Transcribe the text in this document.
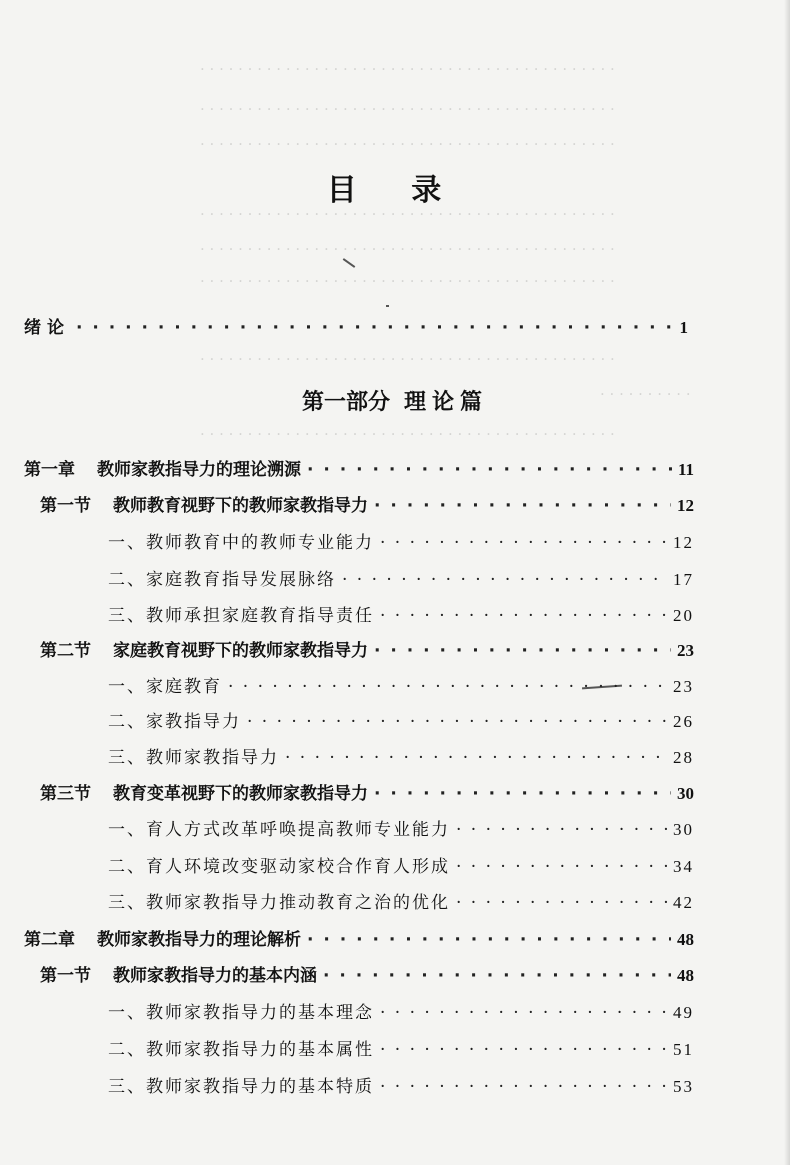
· · · · · · · · · · · · · · · · · · · · · · · · · · · · · · · · · · · · · · · · · · · ·
· · · · · · · · · · · · · · · · · · · · · · · · · · · · · · · · · · · · · · · · · · · ·
· · · · · · · · · · · · · · · · · · · · · · · · · · · · · · · · · · · · · · · · · · · ·
· · · · · · · · · · · · · · · · · · · · · · · · · · · · · · · · · · · · · · · · · · · ·
· · · · · · · · · · · · · · · · · · · · · · · · · · · · · · · · · · · · · · · · · · · ·
· · · · · · · · · · · · · · · · · · · · · · · · · · · · · · · · · · · · · · · · · · · ·
· · · · · · · · · · · · · · · · · · · · · · · · · · · · · · · · · · · · · · · · · · · ·
· · · · · · · · · ·
· · · · · · · · · · · · · · · · · · · · · · · · · · · · · · · · · · · · · · · · · · · ·
目 录
绪论 · · ·	1
第一部分 理论篇
第一章 教师家教指导力的理论溯源 · · ·	11
第一节 教师教育视野下的教师家教指导力 · · ·	12
一、教师教育中的教师专业能力 · · ·	12
二、家庭教育指导发展脉络 · · ·	17
三、教师承担家庭教育指导责任 · · ·	20
第二节 家庭教育视野下的教师家教指导力 · · ·	23
一、家庭教育 · · ·	23
二、家教指导力 · · ·	26
三、教师家教指导力 · · ·	28
第三节 教育变革视野下的教师家教指导力 · · ·	30
一、育人方式改革呼唤提高教师专业能力 · · ·	30
二、育人环境改变驱动家校合作育人形成 · · ·	34
三、教师家教指导力推动教育之治的优化 · · ·	42
第二章 教师家教指导力的理论解析 · · ·	48
第一节 教师家教指导力的基本内涵 · · ·	48
一、教师家教指导力的基本理念 · · ·	49
二、教师家教指导力的基本属性 · · ·	51
三、教师家教指导力的基本特质 · · ·	53
